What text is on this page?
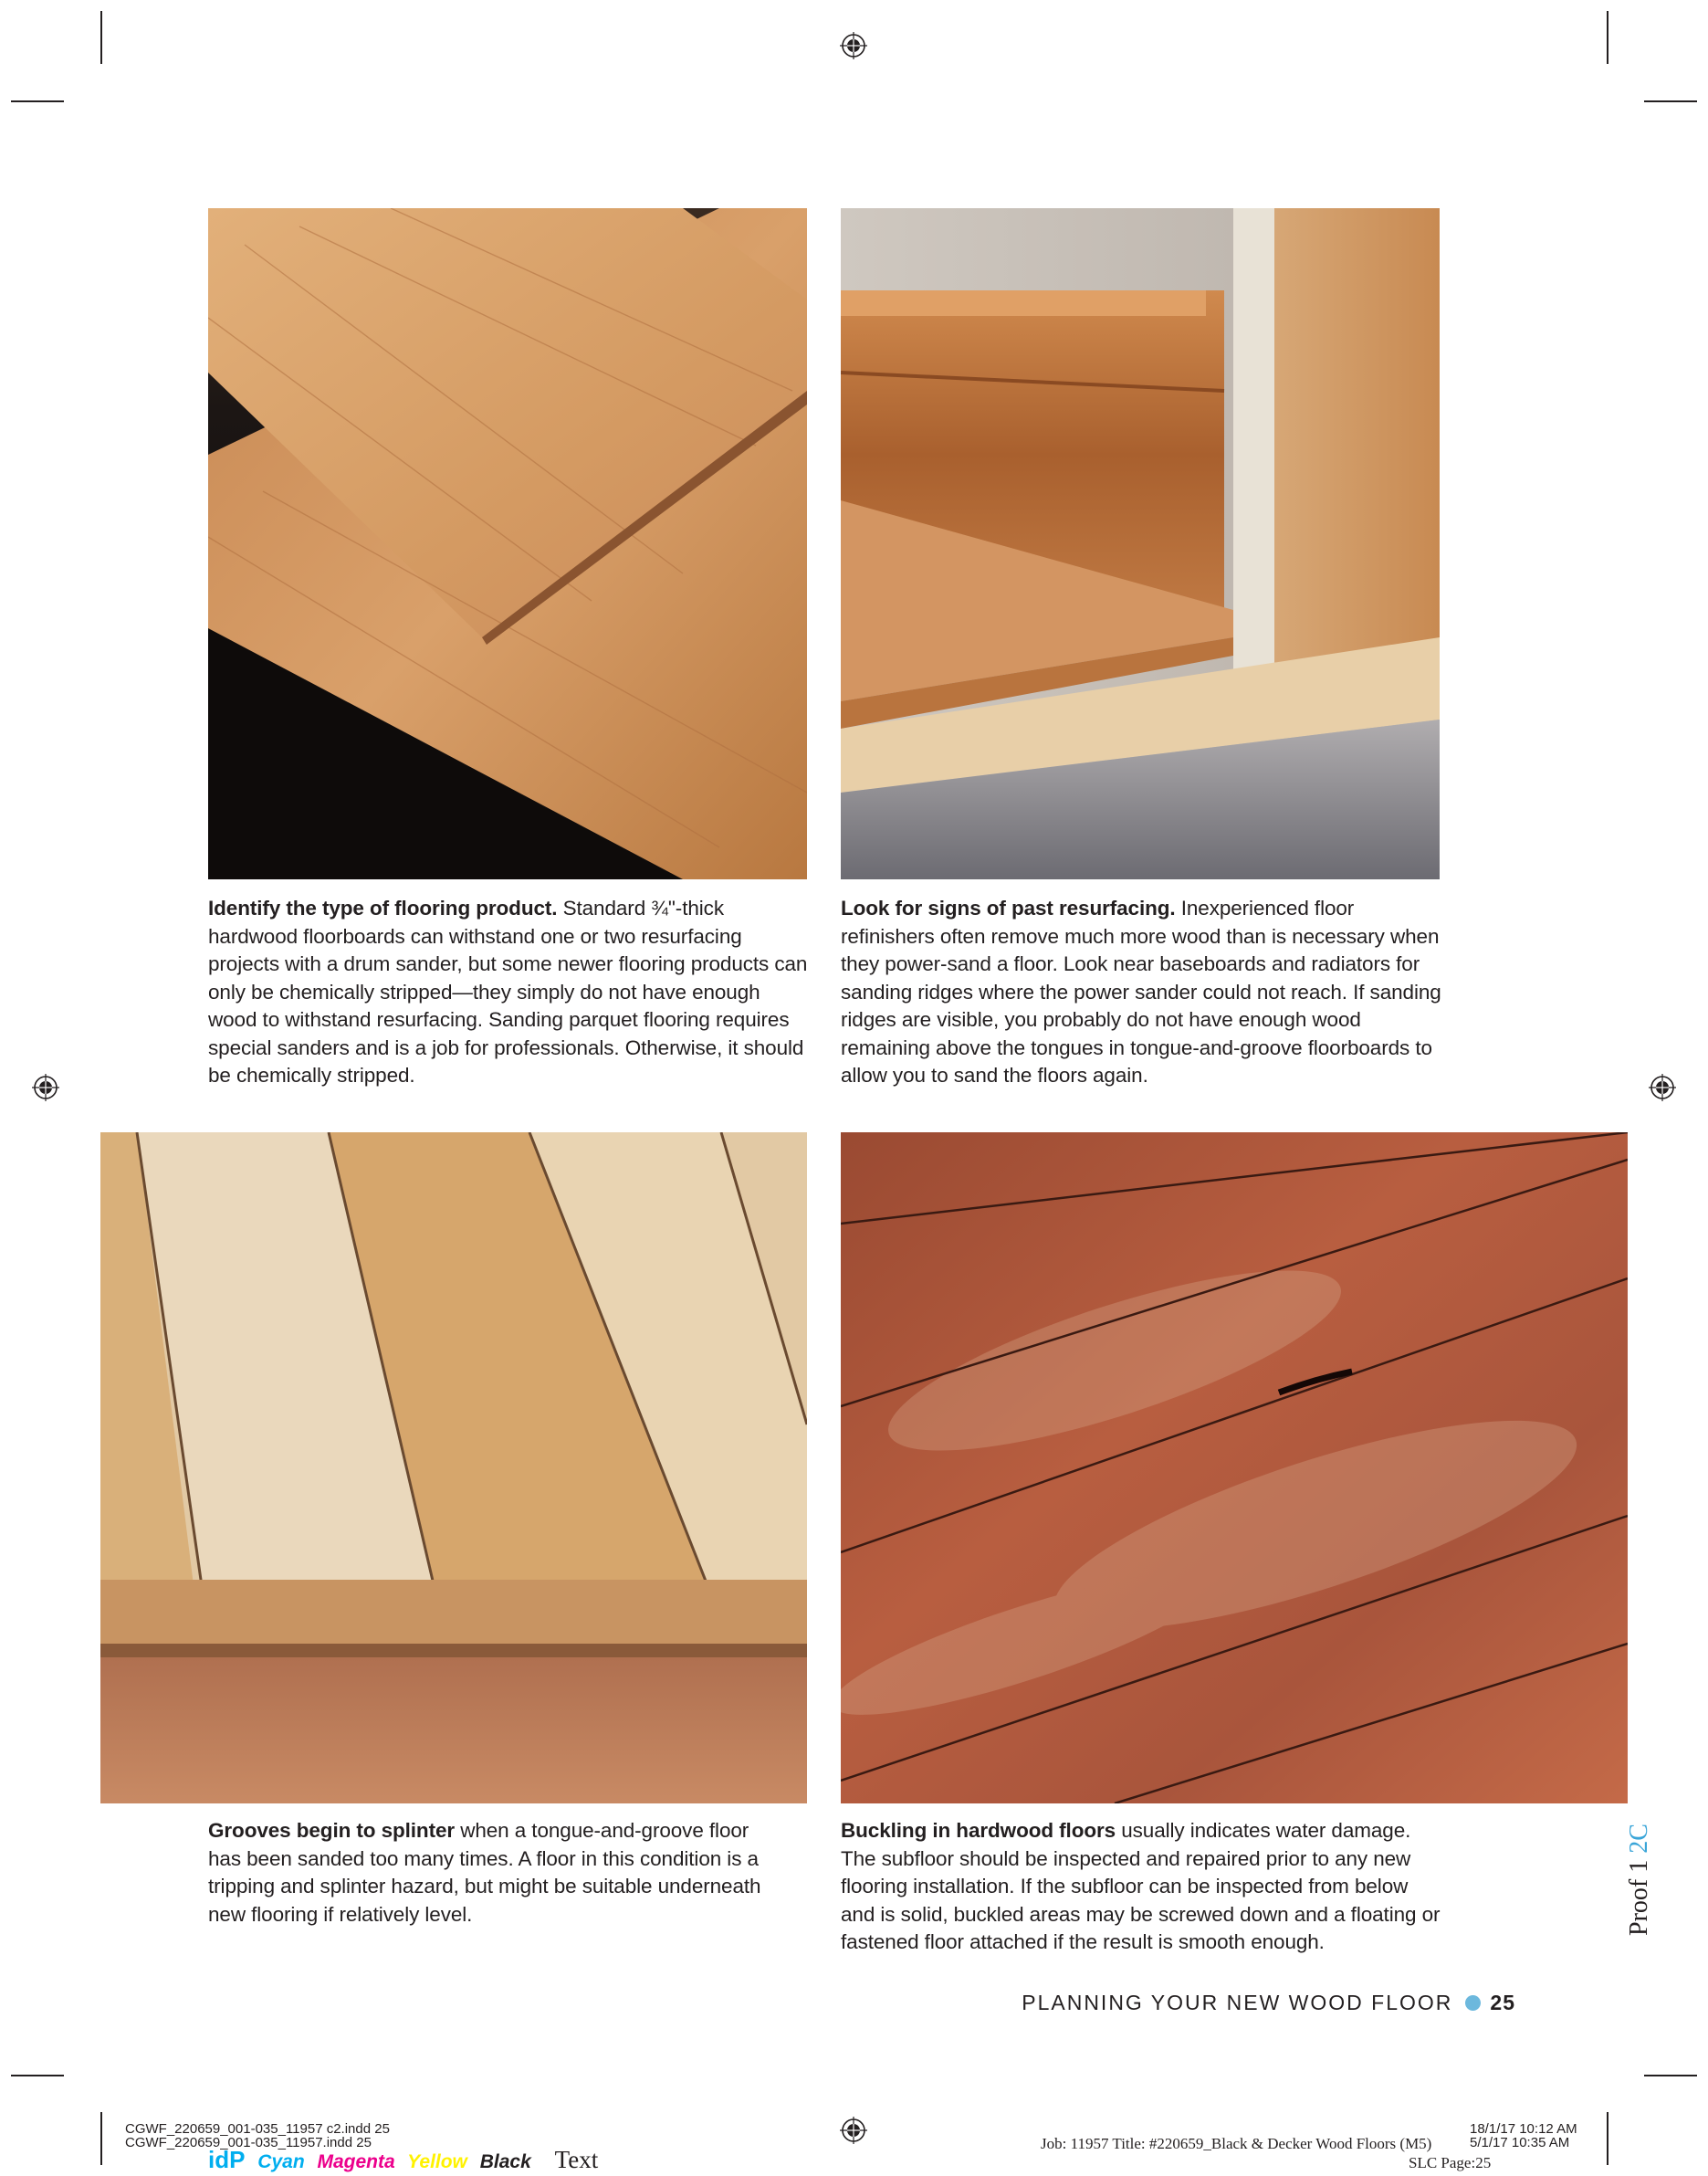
Identify the type of flooring product. Standard ¾"-thick hardwood floorboards can withstand one or two resurfacing projects with a drum sander, but some newer flooring products can only be chemically stripped—they simply do not have enough wood to withstand resurfacing. Sanding parquet flooring requires special sanders and is a job for professionals. Otherwise, it should be chemically stripped.
Look for signs of past resurfacing. Inexperienced floor refinishers often remove much more wood than is necessary when they power-sand a floor. Look near baseboards and radiators for sanding ridges where the power sander could not reach. If sanding ridges are visible, you probably do not have enough wood remaining above the tongues in tongue-and-groove floorboards to allow you to sand the floors again.
Grooves begin to splinter when a tongue-and-groove floor has been sanded too many times. A floor in this condition is a tripping and splinter hazard, but might be suitable underneath new flooring if relatively level.
Buckling in hardwood floors usually indicates water damage. The subfloor should be inspected and repaired prior to any new flooring installation. If the subfloor can be inspected from below and is solid, buckled areas may be screwed down and a floating or fastened floor attached if the result is smooth enough.
PLANNING YOUR NEW WOOD FLOOR 25
Proof 1 2C
CGWF_220659_001-035_11957 c2.indd 25
CGWF_220659_001-035_11957.indd 25
18/1/17 10:12 AM
5/1/17 10:35 AM
Job: 11957 Title: #220659_Black & Decker Wood Floors (M5)
SLC Page:25
idP Cyan Magenta Yellow Black Text
